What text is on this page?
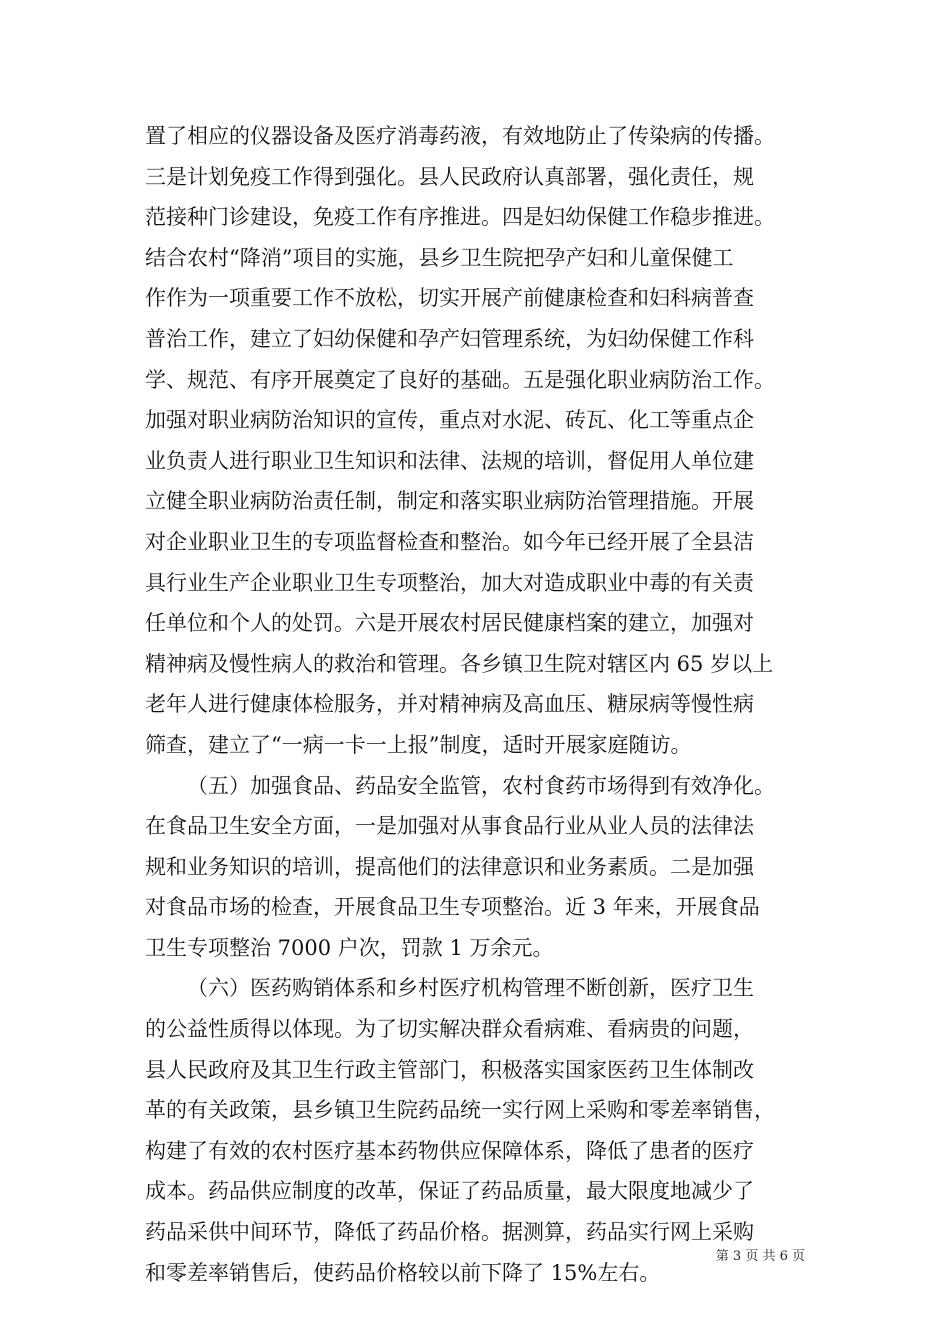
置了相应的仪器设备及医疗消毒药液，有效地防止了传染病的传播。
三是计划免疫工作得到强化。县人民政府认真部署，强化责任，规
范接种门诊建设，免疫工作有序推进。四是妇幼保健工作稳步推进。
结合农村“降消”项目的实施，县乡卫生院把孕产妇和儿童保健工
作作为一项重要工作不放松，切实开展产前健康检查和妇科病普查
普治工作，建立了妇幼保健和孕产妇管理系统，为妇幼保健工作科
学、规范、有序开展奠定了良好的基础。五是强化职业病防治工作。
加强对职业病防治知识的宣传，重点对水泥、砖瓦、化工等重点企
业负责人进行职业卫生知识和法律、法规的培训，督促用人单位建
立健全职业病防治责任制，制定和落实职业病防治管理措施。开展
对企业职业卫生的专项监督检查和整治。如今年已经开展了全县洁
具行业生产企业职业卫生专项整治，加大对造成职业中毒的有关责
任单位和个人的处罚。六是开展农村居民健康档案的建立，加强对
精神病及慢性病人的救治和管理。各乡镇卫生院对辖区内 65 岁以上
老年人进行健康体检服务，并对精神病及高血压、糖尿病等慢性病
筛查，建立了“一病一卡一上报”制度，适时开展家庭随访。
（五）加强食品、药品安全监管，农村食药市场得到有效净化。
在食品卫生安全方面，一是加强对从事食品行业从业人员的法律法
规和业务知识的培训，提高他们的法律意识和业务素质。二是加强
对食品市场的检查，开展食品卫生专项整治。近 3 年来，开展食品
卫生专项整治 7000 户次，罚款 1 万余元。
（六）医药购销体系和乡村医疗机构管理不断创新，医疗卫生
的公益性质得以体现。为了切实解决群众看病难、看病贵的问题，
县人民政府及其卫生行政主管部门，积极落实国家医药卫生体制改
革的有关政策，县乡镇卫生院药品统一实行网上采购和零差率销售，
构建了有效的农村医疗基本药物供应保障体系，降低了患者的医疗
成本。药品供应制度的改革，保证了药品质量，最大限度地减少了
药品采供中间环节，降低了药品价格。据测算，药品实行网上采购
和零差率销售后，使药品价格较以前下降了 15%左右。
第 3 页 共 6 页
